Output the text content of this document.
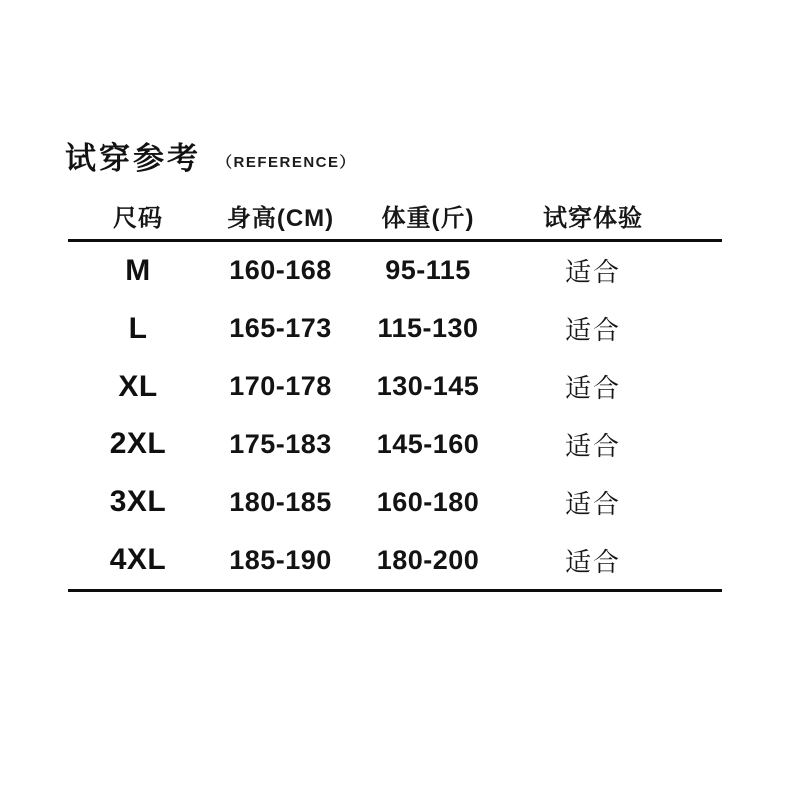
试穿参考 （REFERENCE）
尺码	身高(CM)	体重(斤)	试穿体验
M	160-168	95-115	适合
L	165-173	115-130	适合
XL	170-178	130-145	适合
2XL	175-183	145-160	适合
3XL	180-185	160-180	适合
4XL	185-190	180-200	适合
